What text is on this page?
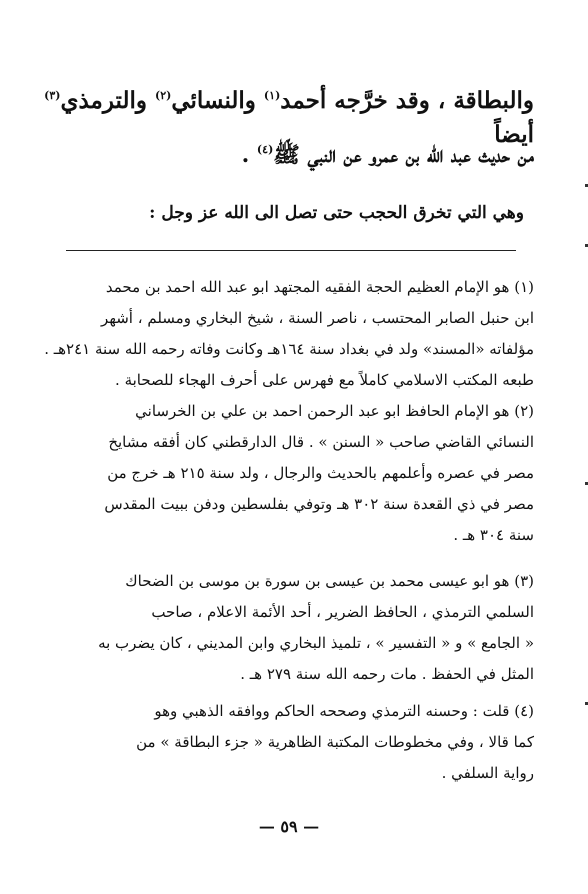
والبطاقة ، وقد خرَّجه أحمد$^{(١)}$ والنسائي$^{(٢)}$ والترمذي$^{(٣)}$ أيضاً
من حديث عبد الله بن عمرو عن النبي ﷺ$^{(٤)}$ .
وهي التي تخرق الحجب حتى تصل الى الله عز وجل :

(١) هو الإمام العظيم الحجة الفقيه المجتهد ابو عبد الله احمد بن محمد

ابن حنبل الصابر المحتسب ، ناصر السنة ، شيخ البخاري ومسلم ، أشهر

مؤلفاته «المسند» ولد في بغداد سنة ١٦٤هـ وكانت وفاته رحمه الله سنة ٢٤١هـ .

طبعه المكتب الاسلامي كاملاً مع فهرس على أحرف الهجاء للصحابة .

(٢) هو الإمام الحافظ ابو عبد الرحمن احمد بن علي بن الخرساني

النسائي القاضي صاحب « السنن » . قال الدارقطني كان أفقه مشايخ

مصر في عصره وأعلمهم بالحديث والرجال ، ولد سنة ٢١٥ هـ خرج من

مصر في ذي القعدة سنة ٣٠٢ هـ وتوفي بفلسطين ودفن ببيت المقدس

سنة ٣٠٤ هـ .

(٣) هو ابو عيسى محمد بن عيسى بن سورة بن موسى بن الضحاك

السلمي الترمذي ، الحافظ الضرير ، أحد الأئمة الاعلام ، صاحب

« الجامع » و « التفسير » ، تلميذ البخاري وابن المديني ، كان يضرب به

المثل في الحفظ . مات رحمه الله سنة ٢٧٩ هـ .

(٤) قلت : وحسنه الترمذي وصححه الحاكم ووافقه الذهبي وهو

كما قالا ، وفي مخطوطات المكتبة الظاهرية « جزء البطاقة » من

رواية السلفي .

— ٥٩ —
